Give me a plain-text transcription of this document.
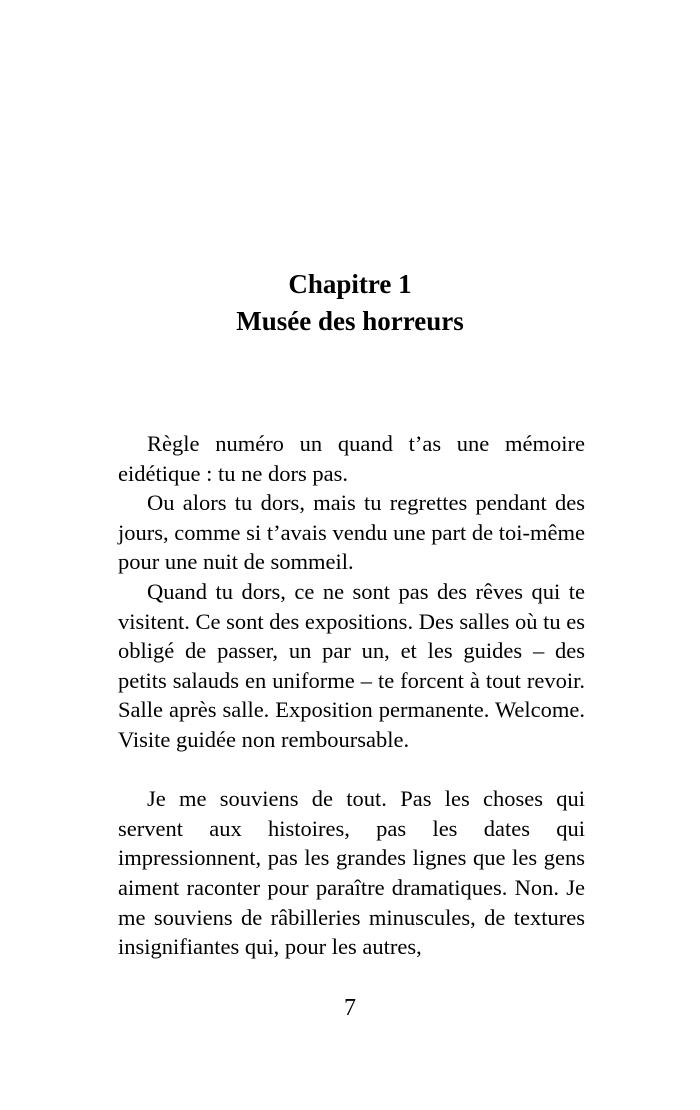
Chapitre 1
Musée des horreurs

Règle numéro un quand t’as une mémoire eidétique : tu ne dors pas.

Ou alors tu dors, mais tu regrettes pendant des jours, comme si t’avais vendu une part de toi-même pour une nuit de sommeil.

Quand tu dors, ce ne sont pas des rêves qui te visitent. Ce sont des expositions. Des salles où tu es obligé de passer, un par un, et les guides – des petits salauds en uniforme – te forcent à tout revoir. Salle après salle. Exposition permanente. Welcome. Visite guidée non remboursable.

Je me souviens de tout. Pas les choses qui servent aux histoires, pas les dates qui impressionnent, pas les grandes lignes que les gens aiment raconter pour paraître dramatiques. Non. Je me souviens de râbilleries minuscules, de textures insignifiantes qui, pour les autres,

7
